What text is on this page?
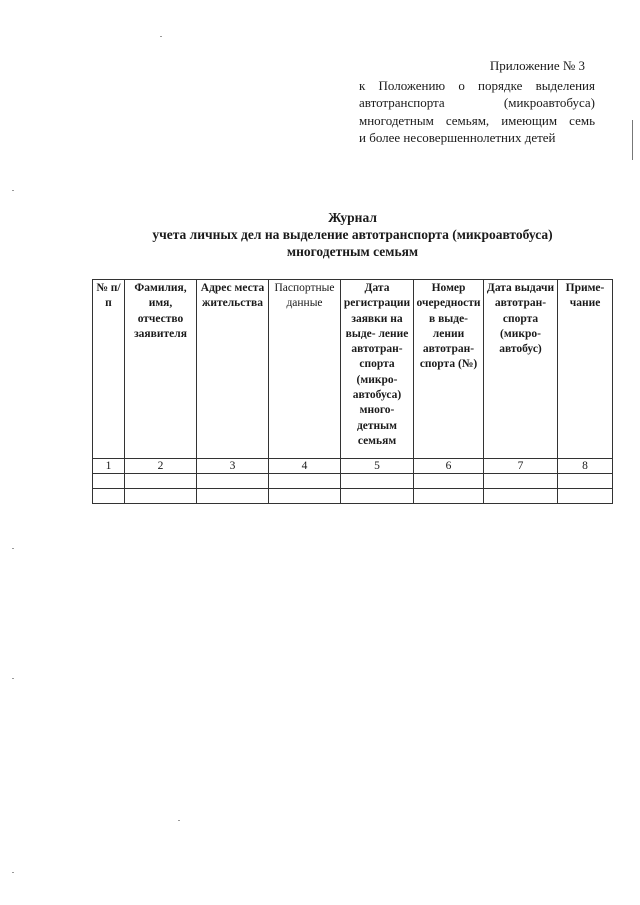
Приложение № 3
к Положению о порядке выделения
автотранспорта (микроавтобуса)
многодетным семьям, имеющим семь
и более несовершеннолетних детей
Журнал
учета личных дел на выделение автотранспорта (микроавтобуса)
многодетным семьям
№ п/п	Фамилия, имя, отчество заявителя	Адрес места жительства	Паспортные данные	Дата регистрации заявки на выде- ление автотран- спорта (микро- автобуса) много- детным семьям	Номер очередности в выде- лении автотран- спорта (№)	Дата выдачи автотран- спорта (микро- автобус)	Приме- чание
1	2	3	4	5	6	7	8
